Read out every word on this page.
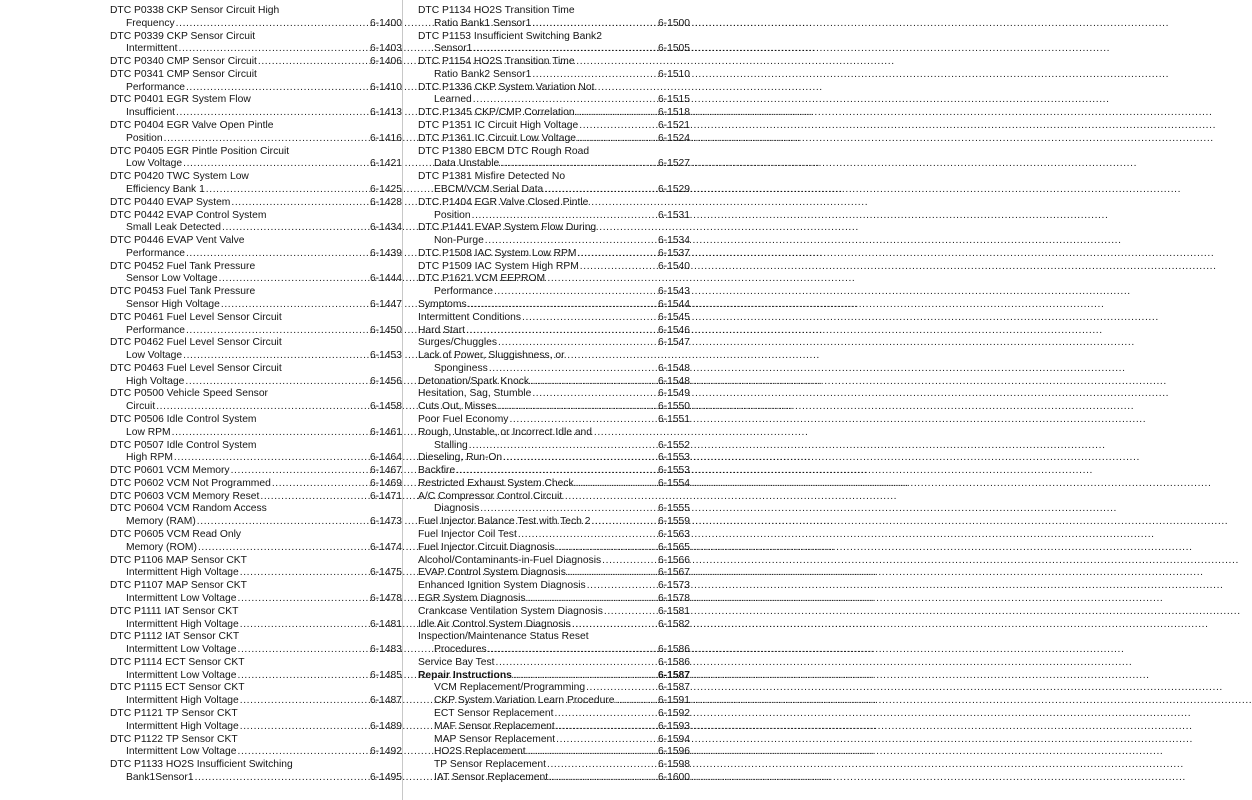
DTC P0338 CKP Sensor Circuit High
Frequency .....	6-1400
DTC P0339 CKP Sensor Circuit
Intermittent .....	6-1403
DTC P0340 CMP Sensor Circuit .....	6-1406
DTC P0341 CMP Sensor Circuit
Performance .....	6-1410
DTC P0401 EGR System Flow
Insufficient .....	6-1413
DTC P0404 EGR Valve Open Pintle
Position .....	6-1416
DTC P0405 EGR Pintle Position Circuit
Low Voltage .....	6-1421
DTC P0420 TWC System Low
Efficiency Bank 1 .....	6-1425
DTC P0440 EVAP System .....	6-1428
DTC P0442 EVAP Control System
Small Leak Detected .....	6-1434
DTC P0446 EVAP Vent Valve
Performance .....	6-1439
DTC P0452 Fuel Tank Pressure
Sensor Low Voltage .....	6-1444
DTC P0453 Fuel Tank Pressure
Sensor High Voltage .....	6-1447
DTC P0461 Fuel Level Sensor Circuit
Performance .....	6-1450
DTC P0462 Fuel Level Sensor Circuit
Low Voltage .....	6-1453
DTC P0463 Fuel Level Sensor Circuit
High Voltage .....	6-1456
DTC P0500 Vehicle Speed Sensor
Circuit .....	6-1458
DTC P0506 Idle Control System
Low RPM .....	6-1461
DTC P0507 Idle Control System
High RPM .....	6-1464
DTC P0601 VCM Memory .....	6-1467
DTC P0602 VCM Not Programmed .....	6-1469
DTC P0603 VCM Memory Reset .....	6-1471
DTC P0604 VCM Random Access
Memory (RAM) .....	6-1473
DTC P0605 VCM Read Only
Memory (ROM) .....	6-1474
DTC P1106 MAP Sensor CKT
Intermittent High Voltage .....	6-1475
DTC P1107 MAP Sensor CKT
Intermittent Low Voltage .....	6-1478
DTC P1111 IAT Sensor CKT
Intermittent High Voltage .....	6-1481
DTC P1112 IAT Sensor CKT
Intermittent Low Voltage .....	6-1483
DTC P1114 ECT Sensor CKT
Intermittent Low Voltage .....	6-1485
DTC P1115 ECT Sensor CKT
Intermittent High Voltage .....	6-1487
DTC P1121 TP Sensor CKT
Intermittent High Voltage .....	6-1489
DTC P1122 TP Sensor CKT
Intermittent Low Voltage .....	6-1492
DTC P1133 HO2S Insufficient Switching
Bank1Sensor1 .....	6-1495
DTC P1134 HO2S Transition Time
Ratio Bank1 Sensor1 .....	6-1500
DTC P1153 Insufficient Switching Bank2
Sensor1 .....	6-1505
DTC P1154 HO2S Transition Time
Ratio Bank2 Sensor1 .....	6-1510
DTC P1336 CKP System Variation Not
Learned .....	6-1515
DTC P1345 CKP/CMP Correlation .....	6-1518
DTC P1351 IC Circuit High Voltage .....	6-1521
DTC P1361 IC Circuit Low Voltage .....	6-1524
DTC P1380 EBCM DTC Rough Road
Data Unstable .....	6-1527
DTC P1381 Misfire Detected No
EBCM/VCM Serial Data .....	6-1529
DTC P1404 EGR Valve Closed Pintle
Position .....	6-1531
DTC P1441 EVAP System Flow During
Non-Purge .....	6-1534
DTC P1508 IAC System Low RPM .....	6-1537
DTC P1509 IAC System High RPM .....	6-1540
DTC P1621 VCM EEPROM
Performance .....	6-1543
Symptoms .....	6-1544
Intermittent Conditions .....	6-1545
Hard Start .....	6-1546
Surges/Chuggles .....	6-1547
Lack of Power, Sluggishness, or
Sponginess .....	6-1548
Detonation/Spark Knock .....	6-1548
Hesitation, Sag, Stumble .....	6-1549
Cuts Out, Misses .....	6-1550
Poor Fuel Economy .....	6-1551
Rough, Unstable, or Incorrect Idle and
Stalling .....	6-1552
Dieseling, Run-On .....	6-1553
Backfire .....	6-1553
Restricted Exhaust System Check .....	6-1554
A/C Compressor Control Circuit
Diagnosis .....	6-1555
Fuel Injector Balance Test with Tech 2 .....	6-1559
Fuel Injector Coil Test .....	6-1563
Fuel Injector Circuit Diagnosis .....	6-1565
Alcohol/Contaminants-in-Fuel Diagnosis .....	6-1566
EVAP Control System Diagnosis .....	6-1567
Enhanced Ignition System Diagnosis .....	6-1573
EGR System Diagnosis .....	6-1578
Crankcase Ventilation System Diagnosis .....	6-1581
Idle Air Control System Diagnosis .....	6-1582
Inspection/Maintenance Status Reset
Procedures .....	6-1586
Service Bay Test .....	6-1586
Repair Instructions .....	6-1587
VCM Replacement/Programming .....	6-1587
CKP System Variation Learn Procedure .....	6-1591
ECT Sensor Replacement .....	6-1592
MAF Sensor Replacement .....	6-1593
MAP Sensor Replacement .....	6-1594
HO2S Replacement .....	6-1596
TP Sensor Replacement .....	6-1598
IAT Sensor Replacement .....	6-1600
